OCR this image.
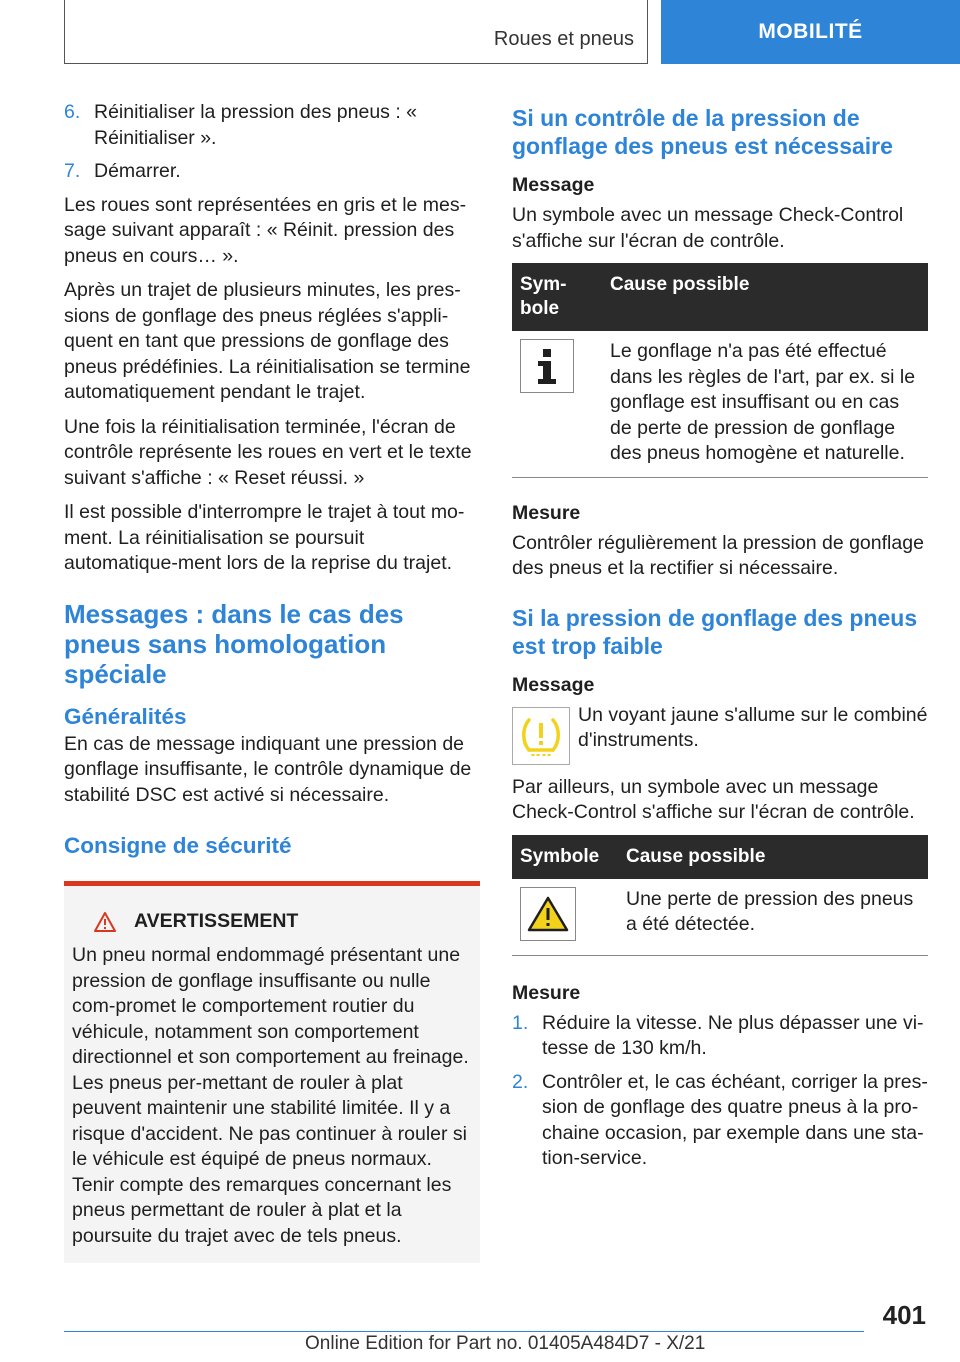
Roues et pneus	MOBILITÉ
6. Réinitialiser la pression des pneus : « Réinitialiser ».
7. Démarrer.

Les roues sont représentées en gris et le mes-sage suivant apparaît : « Réinit. pression des pneus en cours… ».

Après un trajet de plusieurs minutes, les pres-sions de gonflage des pneus réglées s'appli-quent en tant que pressions de gonflage des pneus prédéfinies. La réinitialisation se termine automatiquement pendant le trajet.

Une fois la réinitialisation terminée, l'écran de contrôle représente les roues en vert et le texte suivant s'affiche : « Reset réussi. »

Il est possible d'interrompre le trajet à tout mo-ment. La réinitialisation se poursuit automatique-ment lors de la reprise du trajet.

Messages : dans le cas des pneus sans homologation spéciale
Généralités

En cas de message indiquant une pression de gonflage insuffisante, le contrôle dynamique de stabilité DSC est activé si nécessaire.

Consigne de sécurité
AVERTISSEMENT

Un pneu normal endommagé présentant une pression de gonflage insuffisante ou nulle com-promet le comportement routier du véhicule, notamment son comportement directionnel et son comportement au freinage. Les pneus per-mettant de rouler à plat peuvent maintenir une stabilité limitée. Il y a risque d'accident. Ne pas continuer à rouler si le véhicule est équipé de pneus normaux. Tenir compte des remarques concernant les pneus permettant de rouler à plat et la poursuite du trajet avec de tels pneus.

Si un contrôle de la pression de gonflage des pneus est nécessaire
Message

Un symbole avec un message Check-Control s'affiche sur l'écran de contrôle.

Sym-bole	Cause possible

	Le gonflage n'a pas été effectué dans les règles de l'art, par ex. si le gonflage est insuffisant ou en cas de perte de pression de gonflage des pneus homogène et naturelle.
Mesure

Contrôler régulièrement la pression de gonflage des pneus et la rectifier si nécessaire.

Si la pression de gonflage des pneus est trop faible
Message

Un voyant jaune s'allume sur le combiné d'instruments.

Par ailleurs, un symbole avec un message Check-Control s'affiche sur l'écran de contrôle.

Symbole	Cause possible

	Une perte de pression des pneus a été détectée.
Mesure
1. Réduire la vitesse. Ne plus dépasser une vi-tesse de 130 km/h.
2. Contrôler et, le cas échéant, corriger la pres-sion de gonflage des quatre pneus à la pro-chaine occasion, par exemple dans une sta-tion-service.
401
Online Edition for Part no. 01405A484D7 - X/21
